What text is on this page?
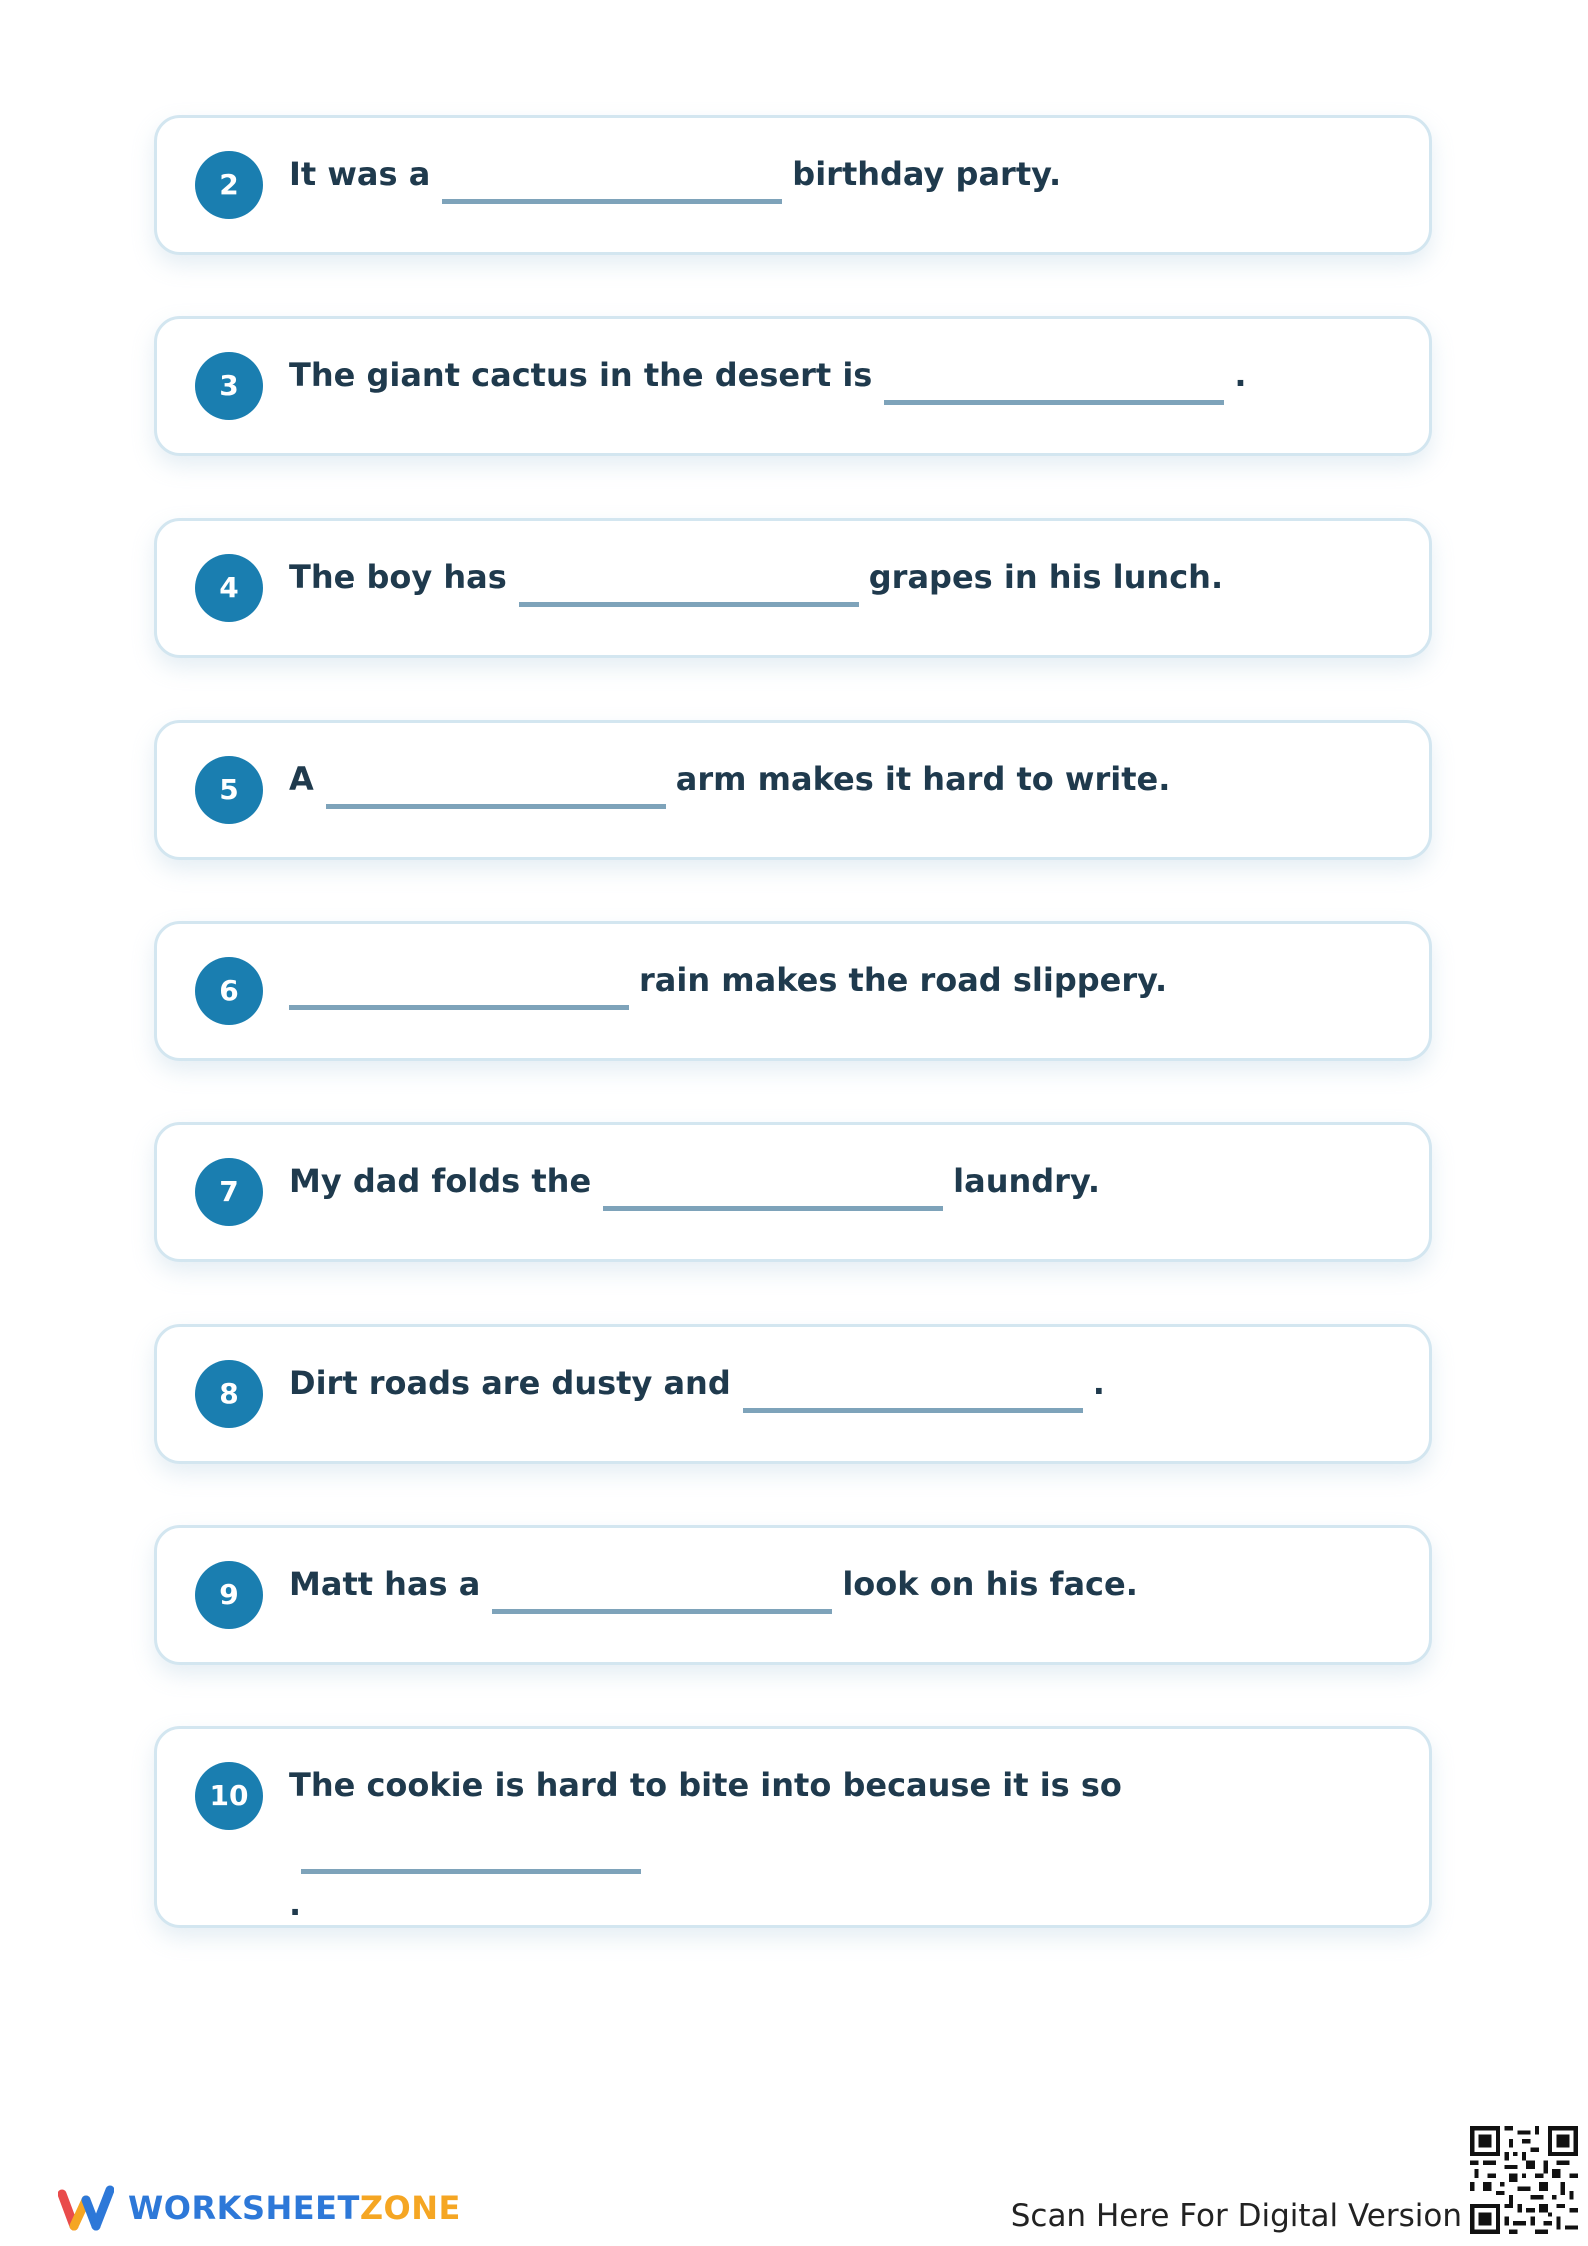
2	It was a	birthday party.
3	The giant cactus in the desert is	.
4	The boy has	grapes in his lunch.
5	A	arm makes it hard to write.
6	rain makes the road slippery.
7	My dad folds the	laundry.
8	Dirt roads are dusty and	.
9	Matt has a	look on his face.
10	The cookie is hard to bite into because it is so
.
WORKSHEETZONE	Scan Here For Digital Version
